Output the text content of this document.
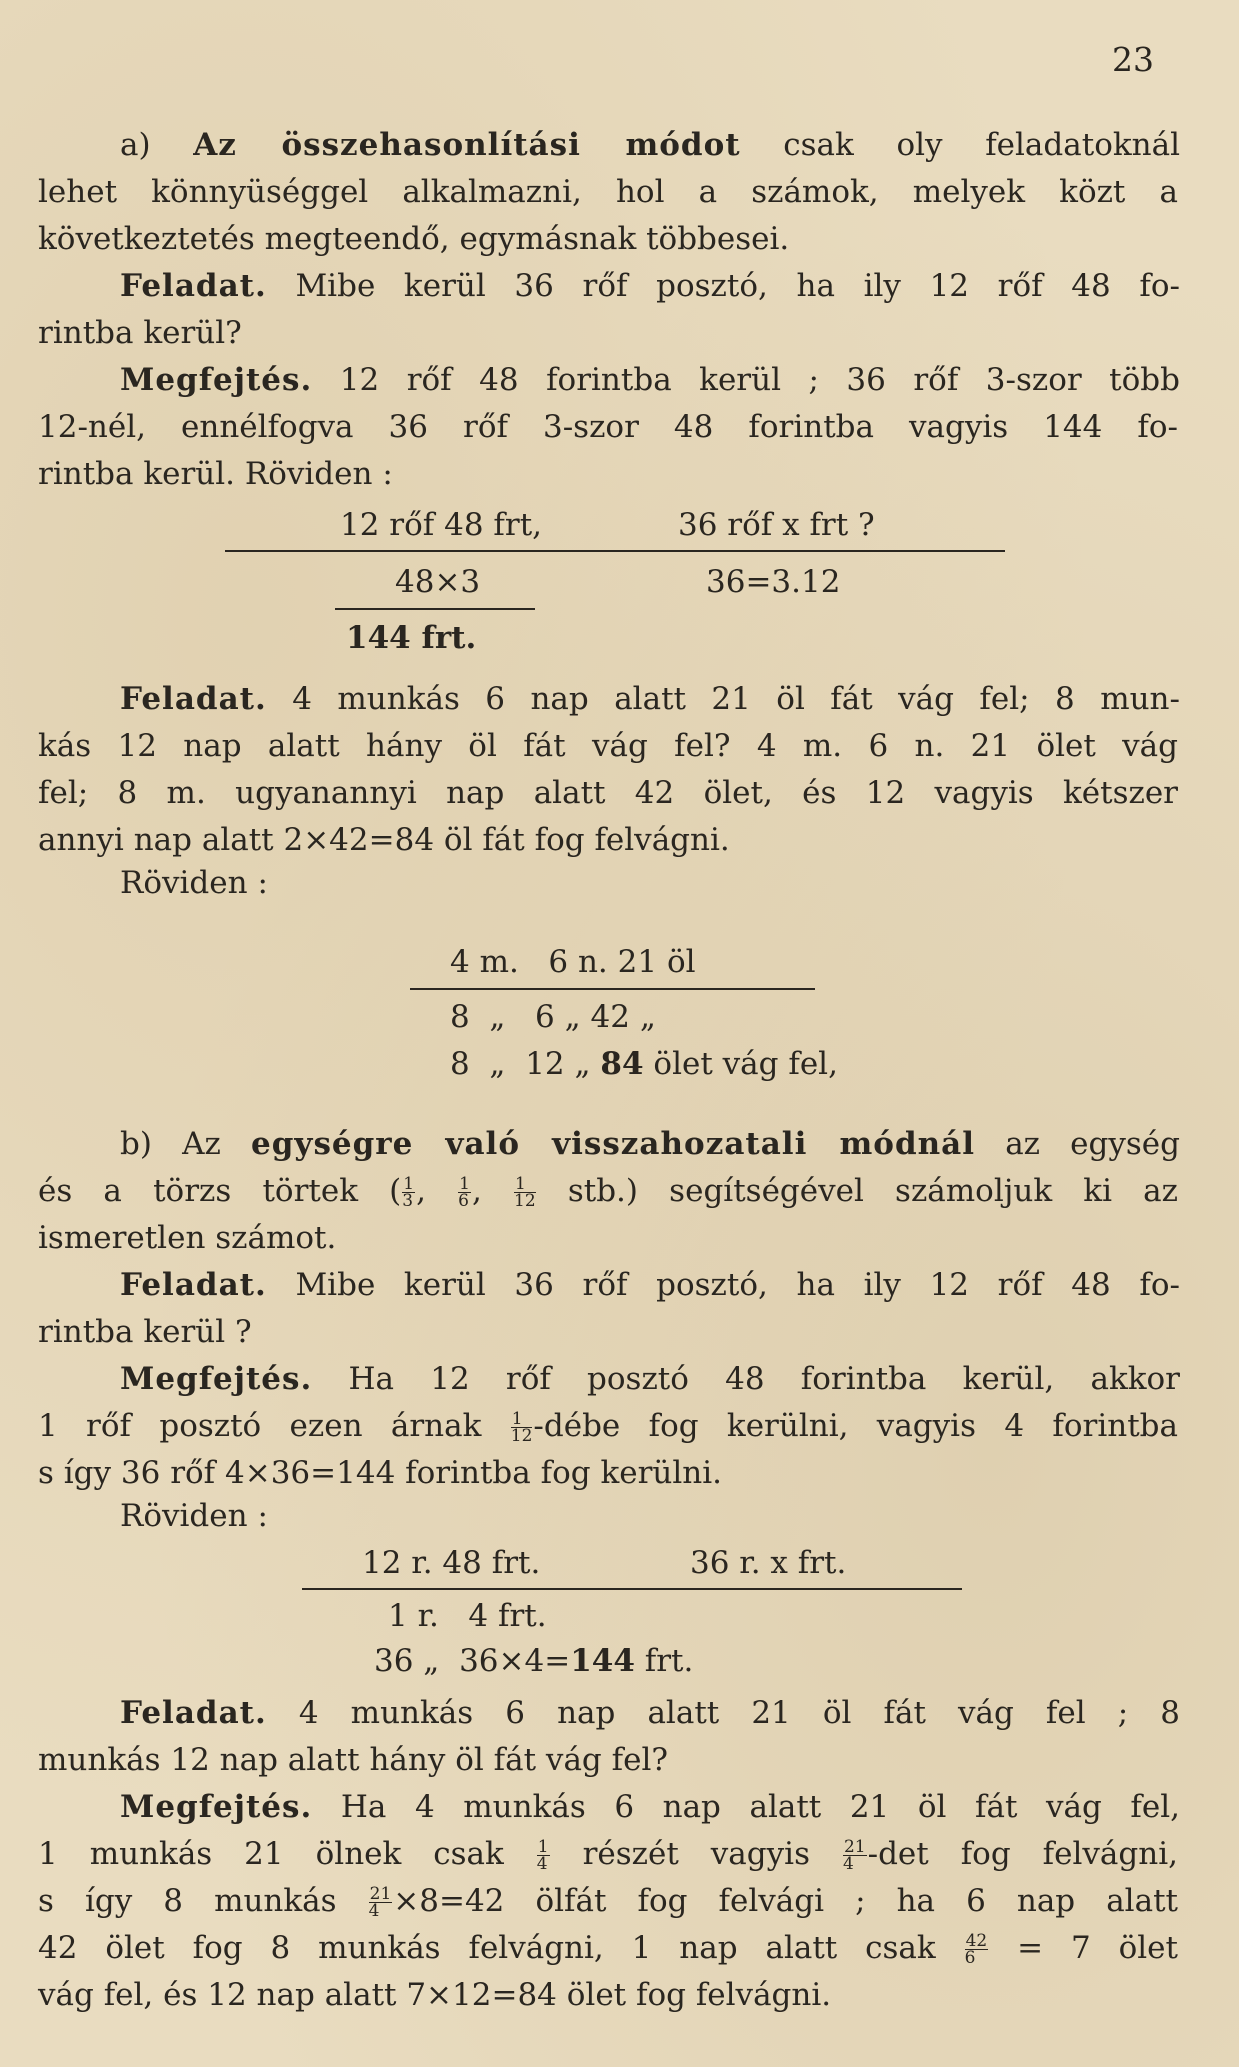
23
a) Az összehasonlítási módot csak oly feladatoknál
lehet könnyüséggel alkalmazni, hol a számok, melyek közt a
következtetés megteendő, egymásnak többesei.
Feladat. Mibe kerül 36 rőf posztó, ha ily 12 rőf 48 fo-
rintba kerül?
Megfejtés. 12 rőf 48 forintba kerül ; 36 rőf 3-szor több
12-nél, ennélfogva 36 rőf 3-szor 48 forintba vagyis 144 fo-
rintba kerül. Röviden :
12 rőf 48 frt,	36 rőf x frt ?
48×3	36=3.12
144 frt.
Feladat. 4 munkás 6 nap alatt 21 öl fát vág fel; 8 mun-
kás 12 nap alatt hány öl fát vág fel? 4 m. 6 n. 21 ölet vág
fel; 8 m. ugyanannyi nap alatt 42 ölet, és 12 vagyis kétszer
annyi nap alatt 2×42=84 öl fát fog felvágni.
Röviden :
4 m.   6 n. 21 öl
8  „   6 „ 42 „
8  „  12 „ 84 ölet vág fel,
b) Az egységre való visszahozatali módnál az egység
és a törzs törtek ( $\frac{1}{3}$ , $\frac{1}{6}$ , $\frac{1}{12} stb$.) segítségével számoljuk ki az
ismeretlen számot.
Feladat. Mibe kerül 36 rőf posztó, ha ily 12 rőf 48 fo-
rintba kerül ?
Megfejtés. Ha 12 rőf posztó 48 forintba kerül, akkor
1 rőf posztó ezen árnak $\frac{1}{12}$ -débe fog kerülni, vagyis 4 forintba
s így 36 rőf 4×36=144 forintba fog kerülni.
Röviden :
12 r. 48 frt.	36 r. x frt.
1 r.   4 frt.
36 „  36×4=144 frt.
Feladat. 4 munkás 6 nap alatt 21 öl fát vág fel ; 8
munkás 12 nap alatt hány öl fát vág fel?
Megfejtés. Ha 4 munkás 6 nap alatt 21 öl fát vág fel,
1 munkás 21 ölnek csak $\frac{1}{4}$ részét vagyis $\frac{21}{4} -\det$ fog felvágni,
s így 8 munkás $\frac{21}{4} \times 8=42$ ölfát fog felvági ; ha 6 nap alatt
42 ölet fog 8 munkás felvágni, 1 nap alatt csak $\frac{42}{6} = 7$ ölet
vág fel, és 12 nap alatt 7×12=84 ölet fog felvágni.
